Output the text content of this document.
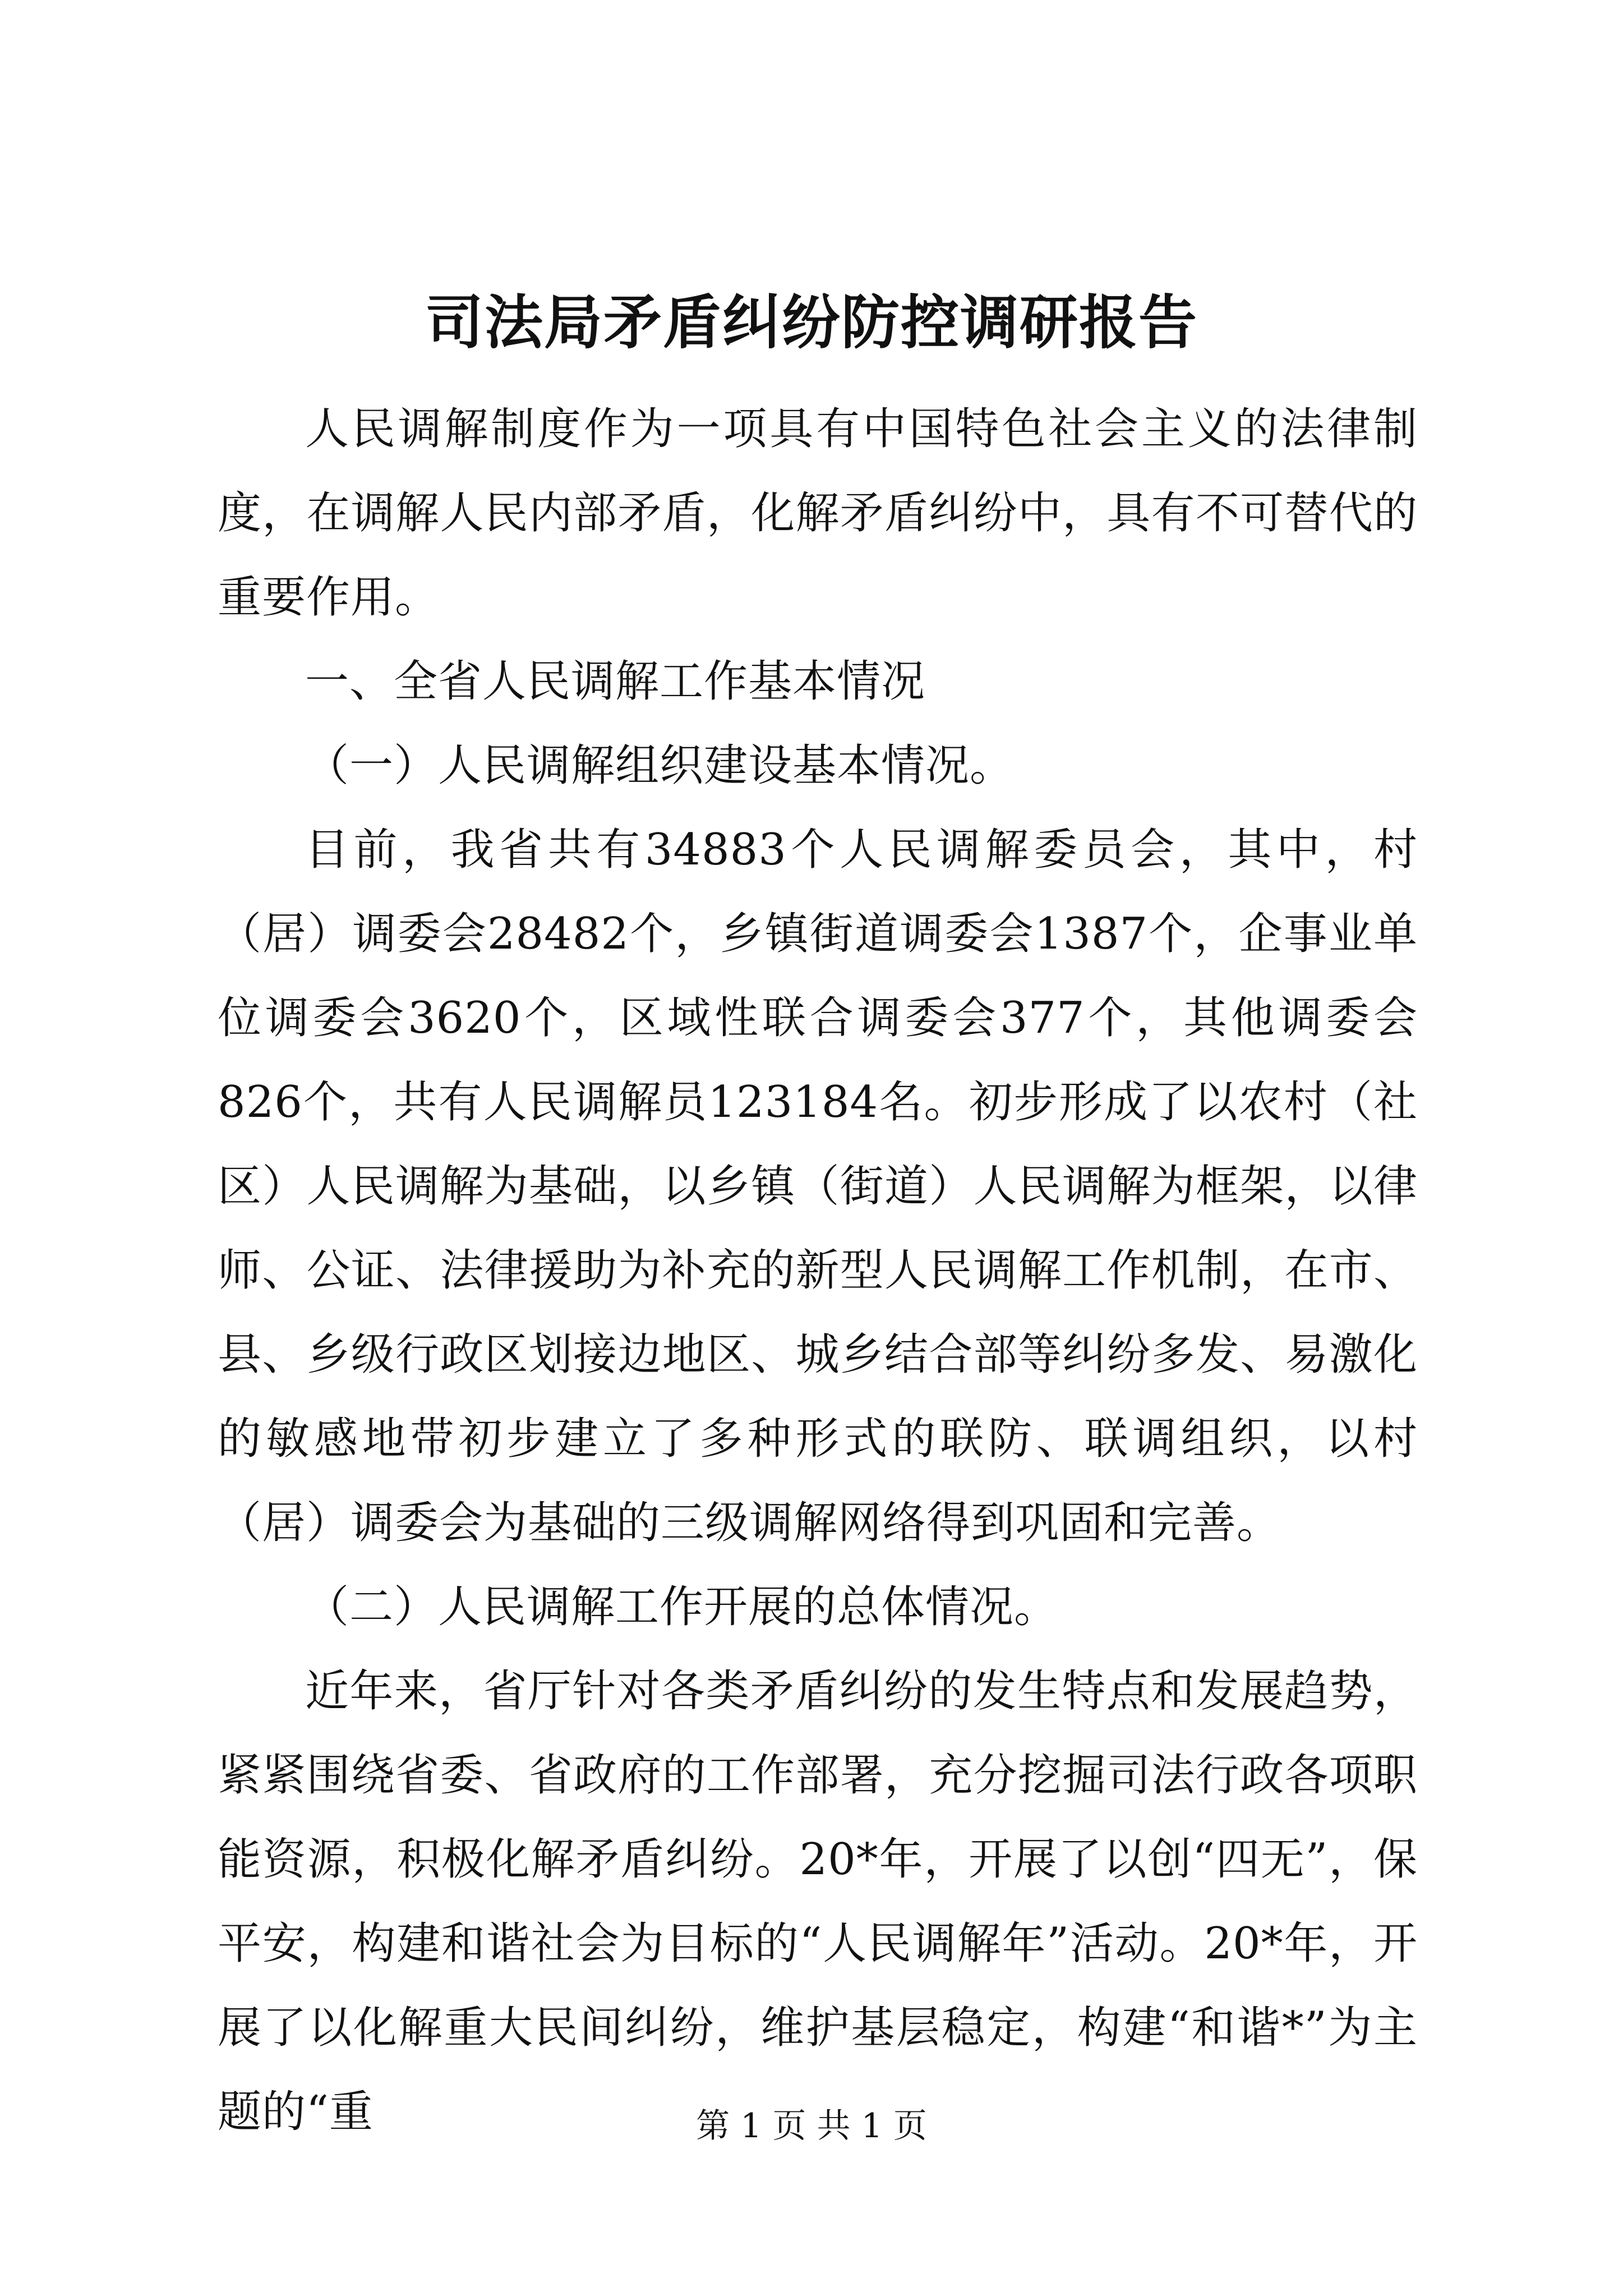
司法局矛盾纠纷防控调研报告

人民调解制度作为一项具有中国特色社会主义的法律制度，在调解人民内部矛盾，化解矛盾纠纷中，具有不可替代的重要作用。

一、全省人民调解工作基本情况

（一）人民调解组织建设基本情况。

目前，我省共有34883个人民调解委员会，其中，村（居）调委会28482个，乡镇街道调委会1387个，企事业单位调委会3620个，区域性联合调委会377个，其他调委会826个，共有人民调解员123184名。初步形成了以农村（社区）人民调解为基础，以乡镇（街道）人民调解为框架，以律师、公证、法律援助为补充的新型人民调解工作机制，在市、县、乡级行政区划接边地区、城乡结合部等纠纷多发、易激化的敏感地带初步建立了多种形式的联防、联调组织，以村（居）调委会为基础的三级调解网络得到巩固和完善。

（二）人民调解工作开展的总体情况。

近年来，省厅针对各类矛盾纠纷的发生特点和发展趋势，紧紧围绕省委、省政府的工作部署，充分挖掘司法行政各项职能资源，积极化解矛盾纠纷。20*年，开展了以创“四无”，保平安，构建和谐社会为目标的“人民调解年”活动。20*年，开展了以化解重大民间纠纷，维护基层稳定，构建“和谐*”为主题的“重	第 1 页 共 1 页
